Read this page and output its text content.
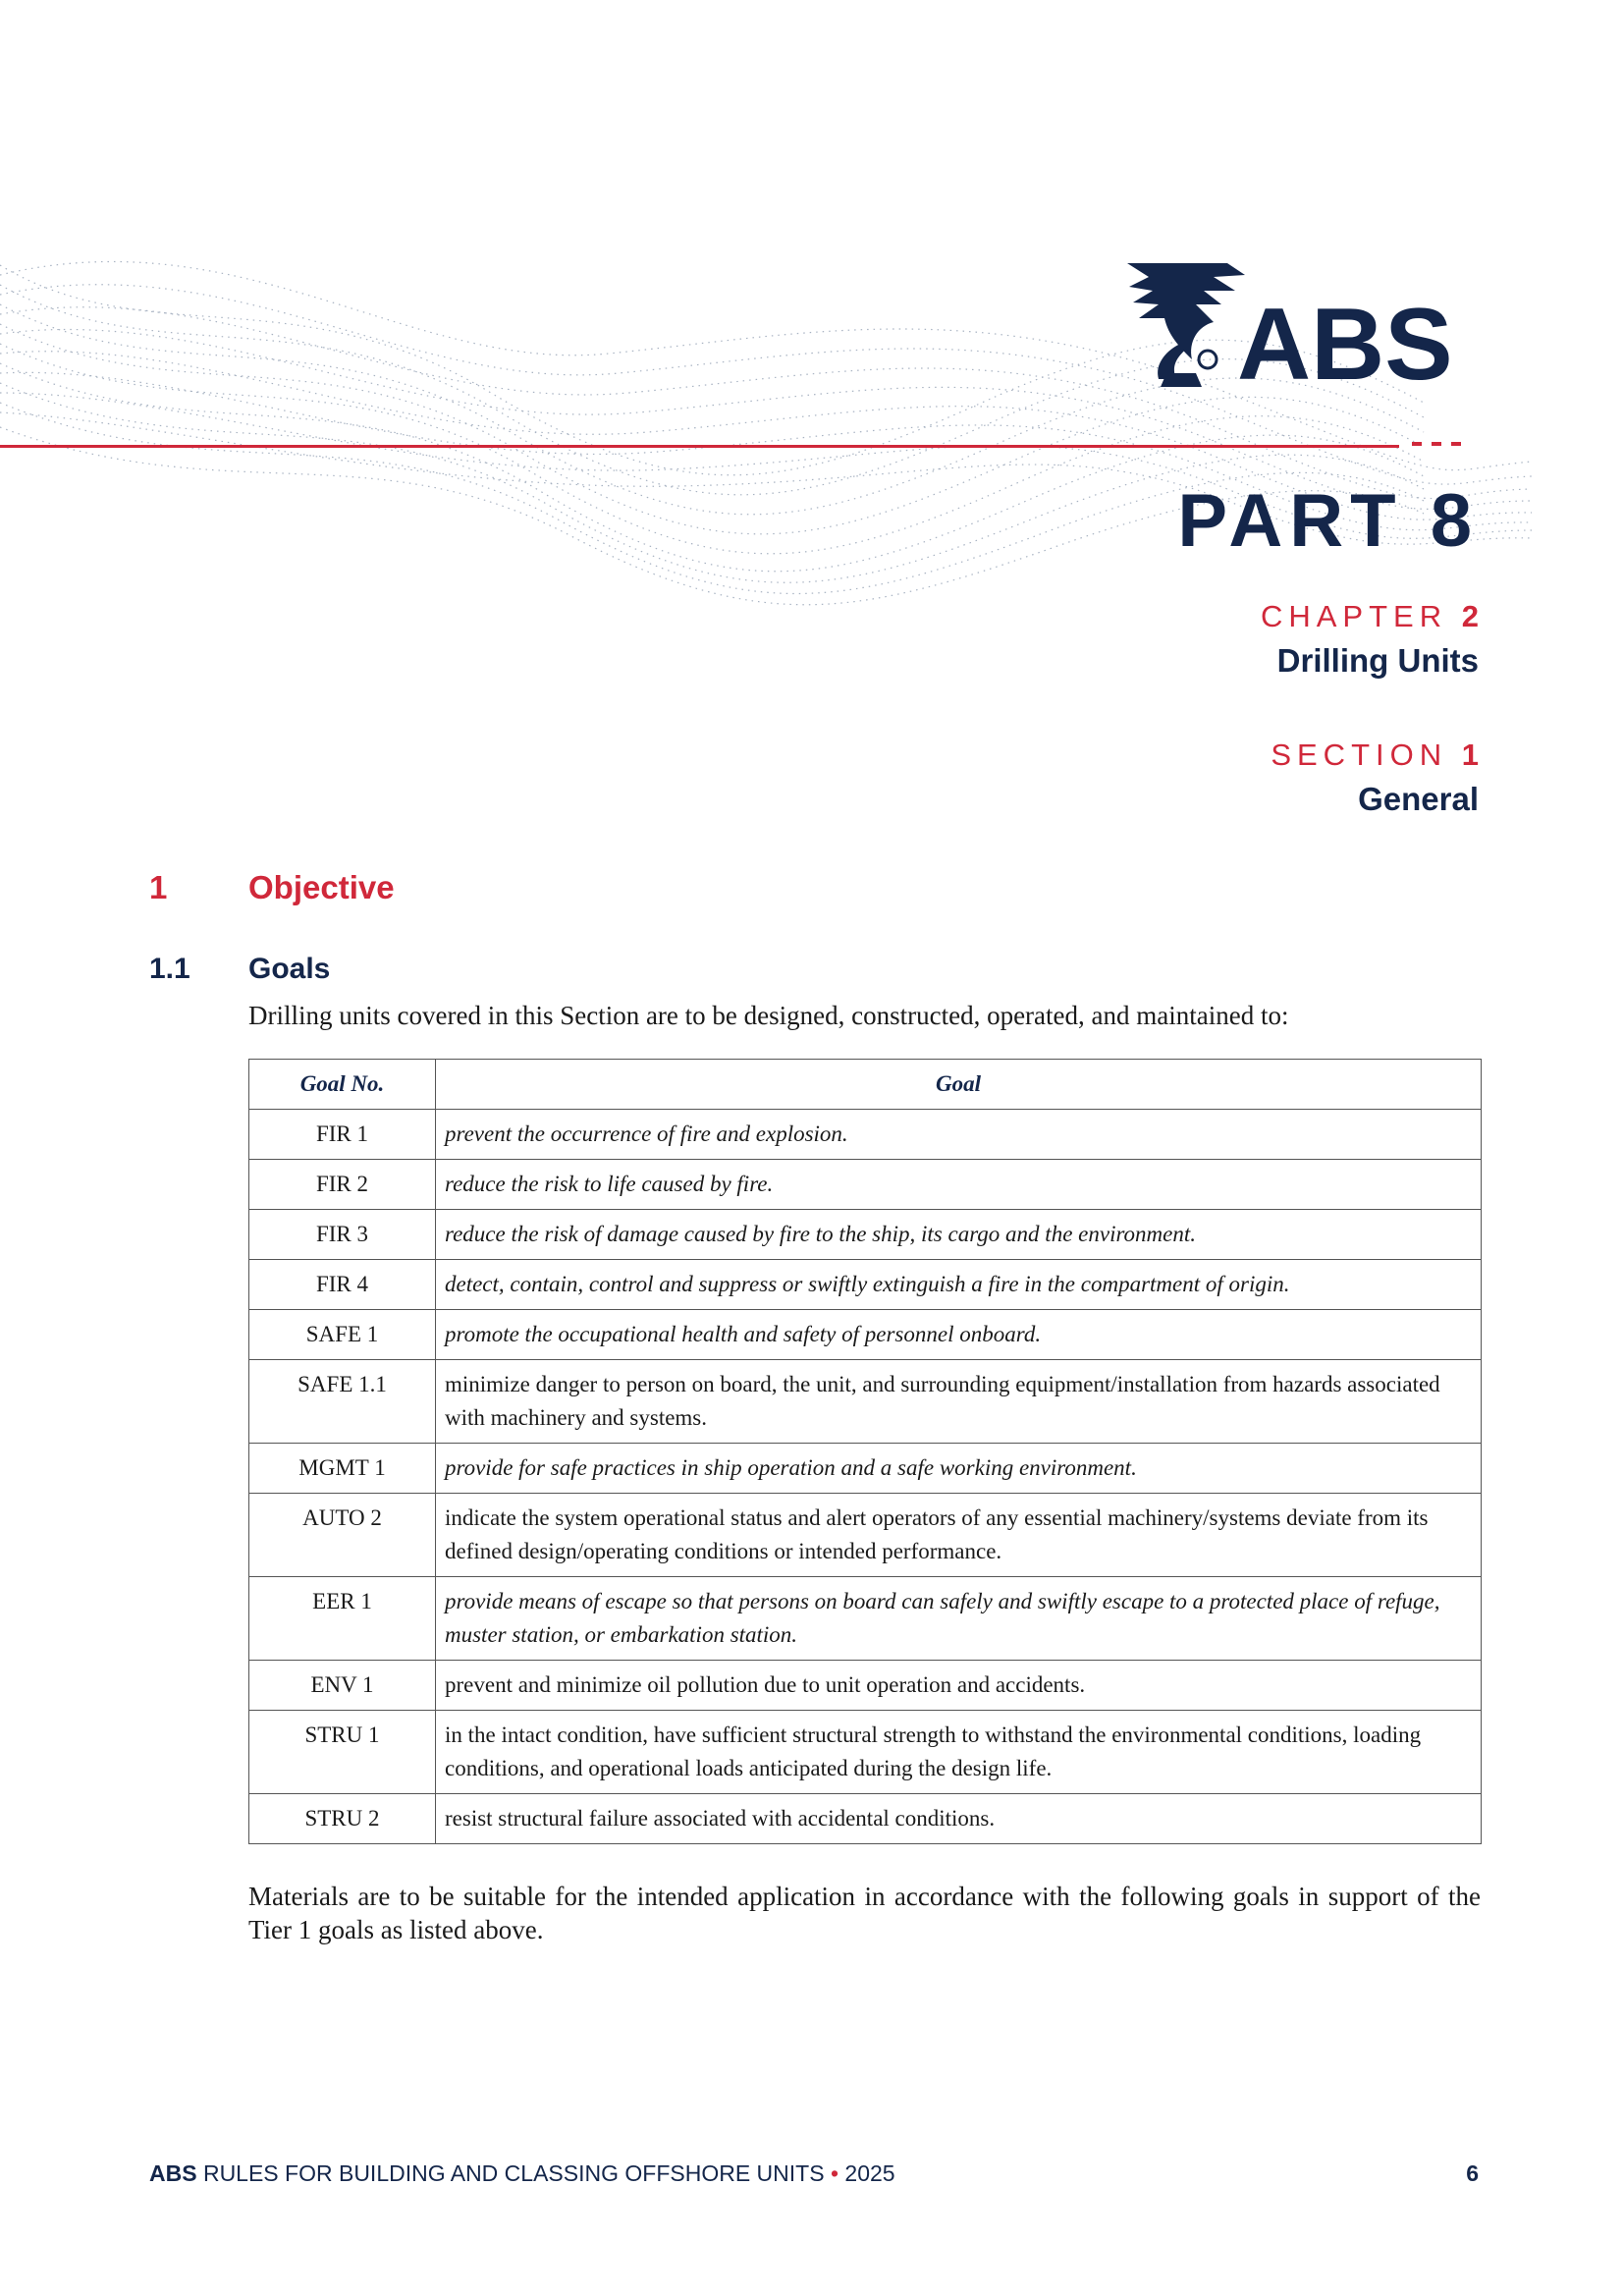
ABS
PART 8
CHAPTER 2
Drilling Units
SECTION 1
General
1	Objective
1.1 Goals
Drilling units covered in this Section are to be designed, constructed, operated, and maintained to:
Goal No.	Goal
FIR 1	prevent the occurrence of fire and explosion.
FIR 2	reduce the risk to life caused by fire.
FIR 3	reduce the risk of damage caused by fire to the ship, its cargo and the environment.
FIR 4	detect, contain, control and suppress or swiftly extinguish a fire in the compartment of origin.
SAFE 1	promote the occupational health and safety of personnel onboard.
SAFE 1.1	minimize danger to person on board, the unit, and surrounding equipment/installation from hazards associated with machinery and systems.
MGMT 1	provide for safe practices in ship operation and a safe working environment.
AUTO 2	indicate the system operational status and alert operators of any essential machinery/systems deviate from its defined design/operating conditions or intended performance.
EER 1	provide means of escape so that persons on board can safely and swiftly escape to a protected place of refuge, muster station, or embarkation station.
ENV 1	prevent and minimize oil pollution due to unit operation and accidents.
STRU 1	in the intact condition, have sufficient structural strength to withstand the environmental conditions, loading conditions, and operational loads anticipated during the design life.
STRU 2	resist structural failure associated with accidental conditions.
Materials are to be suitable for the intended application in accordance with the following goals in support of the Tier 1 goals as listed above.
ABS RULES FOR BUILDING AND CLASSING OFFSHORE UNITS • 2025	6
